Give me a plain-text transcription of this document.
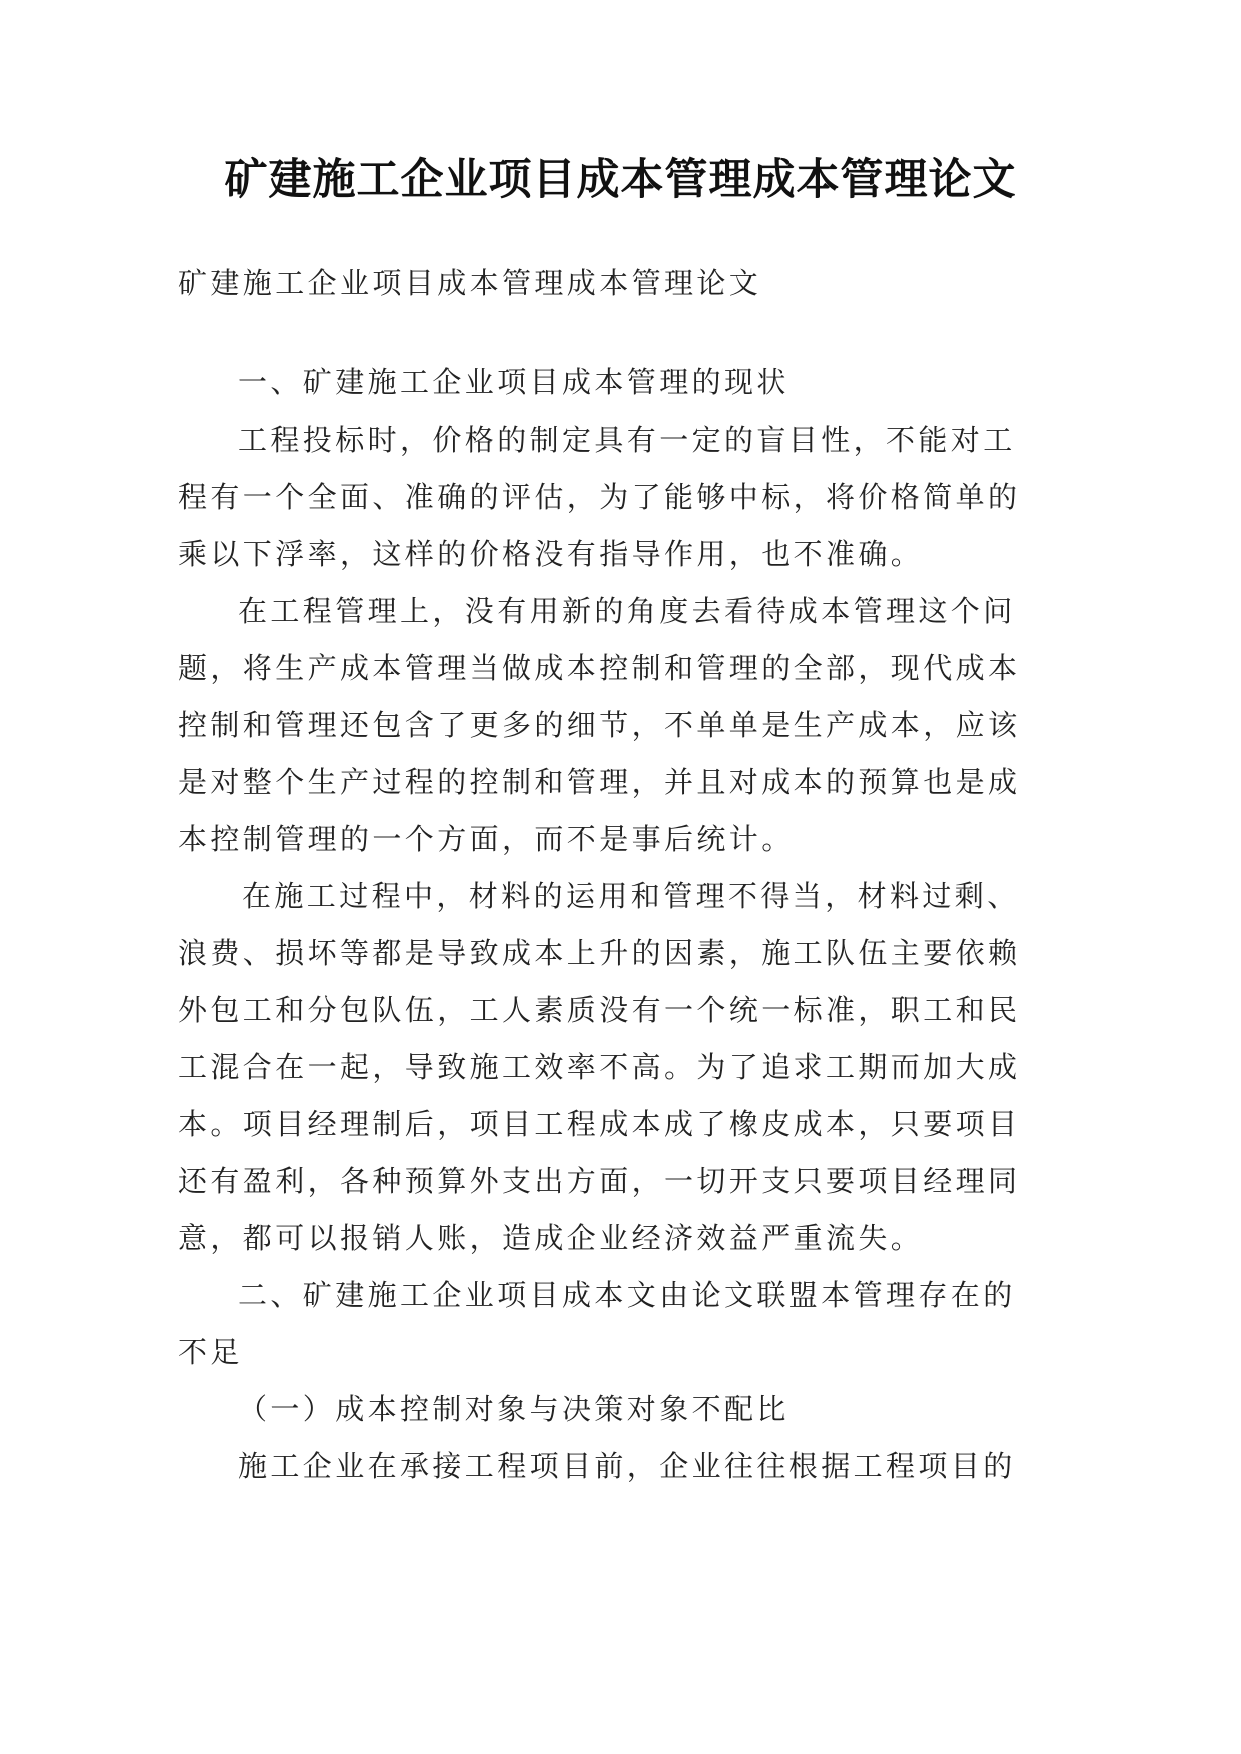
矿建施工企业项目成本管理成本管理论文

矿建施工企业项目成本管理成本管理论文

一、矿建施工企业项目成本管理的现状

工程投标时，价格的制定具有一定的盲目性，不能对工

程有一个全面、准确的评估，为了能够中标，将价格简单的

乘以下浮率，这样的价格没有指导作用，也不准确。

在工程管理上，没有用新的角度去看待成本管理这个问

题，将生产成本管理当做成本控制和管理的全部，现代成本

控制和管理还包含了更多的细节，不单单是生产成本，应该

是对整个生产过程的控制和管理，并且对成本的预算也是成

本控制管理的一个方面，而不是事后统计。

在施工过程中，材料的运用和管理不得当，材料过剩、

浪费、损坏等都是导致成本上升的因素，施工队伍主要依赖

外包工和分包队伍，工人素质没有一个统一标准，职工和民

工混合在一起，导致施工效率不高。为了追求工期而加大成

本。项目经理制后，项目工程成本成了橡皮成本，只要项目

还有盈利，各种预算外支出方面，一切开支只要项目经理同

意，都可以报销人账，造成企业经济效益严重流失。

二、矿建施工企业项目成本文由论文联盟本管理存在的

不足

（一）成本控制对象与决策对象不配比

施工企业在承接工程项目前，企业往往根据工程项目的
